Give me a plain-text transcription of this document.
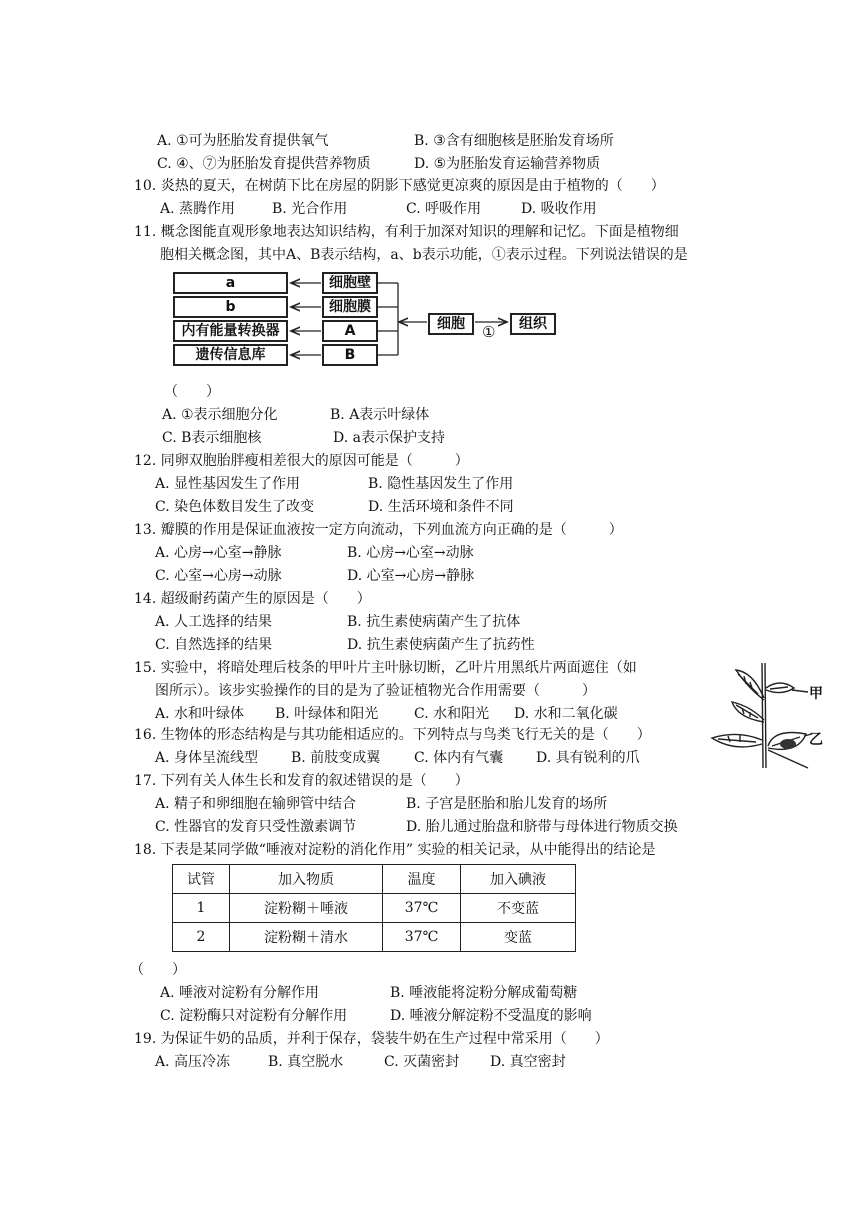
A. ①可为胚胎发育提供氧气	B. ③含有细胞核是胚胎发育场所
C. ④、⑦为胚胎发育提供营养物质	D. ⑤为胚胎发育运输营养物质
10. 炎热的夏天，在树荫下比在房屋的阴影下感觉更凉爽的原因是由于植物的（　　）
A. 蒸腾作用	B. 光合作用	C. 呼吸作用	D. 吸收作用
11. 概念图能直观形象地表达知识结构，有利于加深对知识的理解和记忆。下面是植物细
胞相关概念图，其中A、B表示结构，a、b表示功能，①表示过程。下列说法错误的是
a
b
内有能量转换器
遗传信息库
细胞壁
细胞膜
A
B
细胞	组织
①
（　　）
A. ①表示细胞分化	B. A表示叶绿体
C. B表示细胞核	D. a表示保护支持
12. 同卵双胞胎胖瘦相差很大的原因可能是（　　　）
A. 显性基因发生了作用	B. 隐性基因发生了作用
C. 染色体数目发生了改变	D. 生活环境和条件不同
13. 瓣膜的作用是保证血液按一定方向流动，下列血流方向正确的是（　　　）
A. 心房→心室→静脉	B. 心房→心室→动脉
C. 心室→心房→动脉	D. 心室→心房→静脉
14. 超级耐药菌产生的原因是（　　）
A. 人工选择的结果	B. 抗生素使病菌产生了抗体
C. 自然选择的结果	D. 抗生素使病菌产生了抗药性
15. 实验中，将暗处理后枝条的甲叶片主叶脉切断，乙叶片用黑纸片两面遮住（如
图所示）。该步实验操作的目的是为了验证植物光合作用需要（　　　）
A. 水和叶绿体 B. 叶绿体和阳光	C. 水和阳光 D. 水和二氧化碳
甲
乙
16. 生物体的形态结构是与其功能相适应的。下列特点与鸟类飞行无关的是（　　）
A. 身体呈流线型 B. 前肢变成翼 C. 体内有气囊 D. 具有锐利的爪
17. 下列有关人体生长和发育的叙述错误的是（　　）
A. 精子和卵细胞在输卵管中结合	B. 子宫是胚胎和胎儿发育的场所
C. 性器官的发育只受性激素调节	D. 胎儿通过胎盘和脐带与母体进行物质交换
18. 下表是某同学做“唾液对淀粉的消化作用” 实验的相关记录，从中能得出的结论是
试管	加入物质	温度	加入碘液
1	淀粉糊＋唾液	37℃	不变蓝
2	淀粉糊＋清水	37℃	变蓝
（　　）
A. 唾液对淀粉有分解作用	B. 唾液能将淀粉分解成葡萄糖
C. 淀粉酶只对淀粉有分解作用	D. 唾液分解淀粉不受温度的影响
19. 为保证牛奶的品质，并利于保存，袋装牛奶在生产过程中常采用（　　）
A. 高压冷冻	B. 真空脱水	C. 灭菌密封 D. 真空密封
